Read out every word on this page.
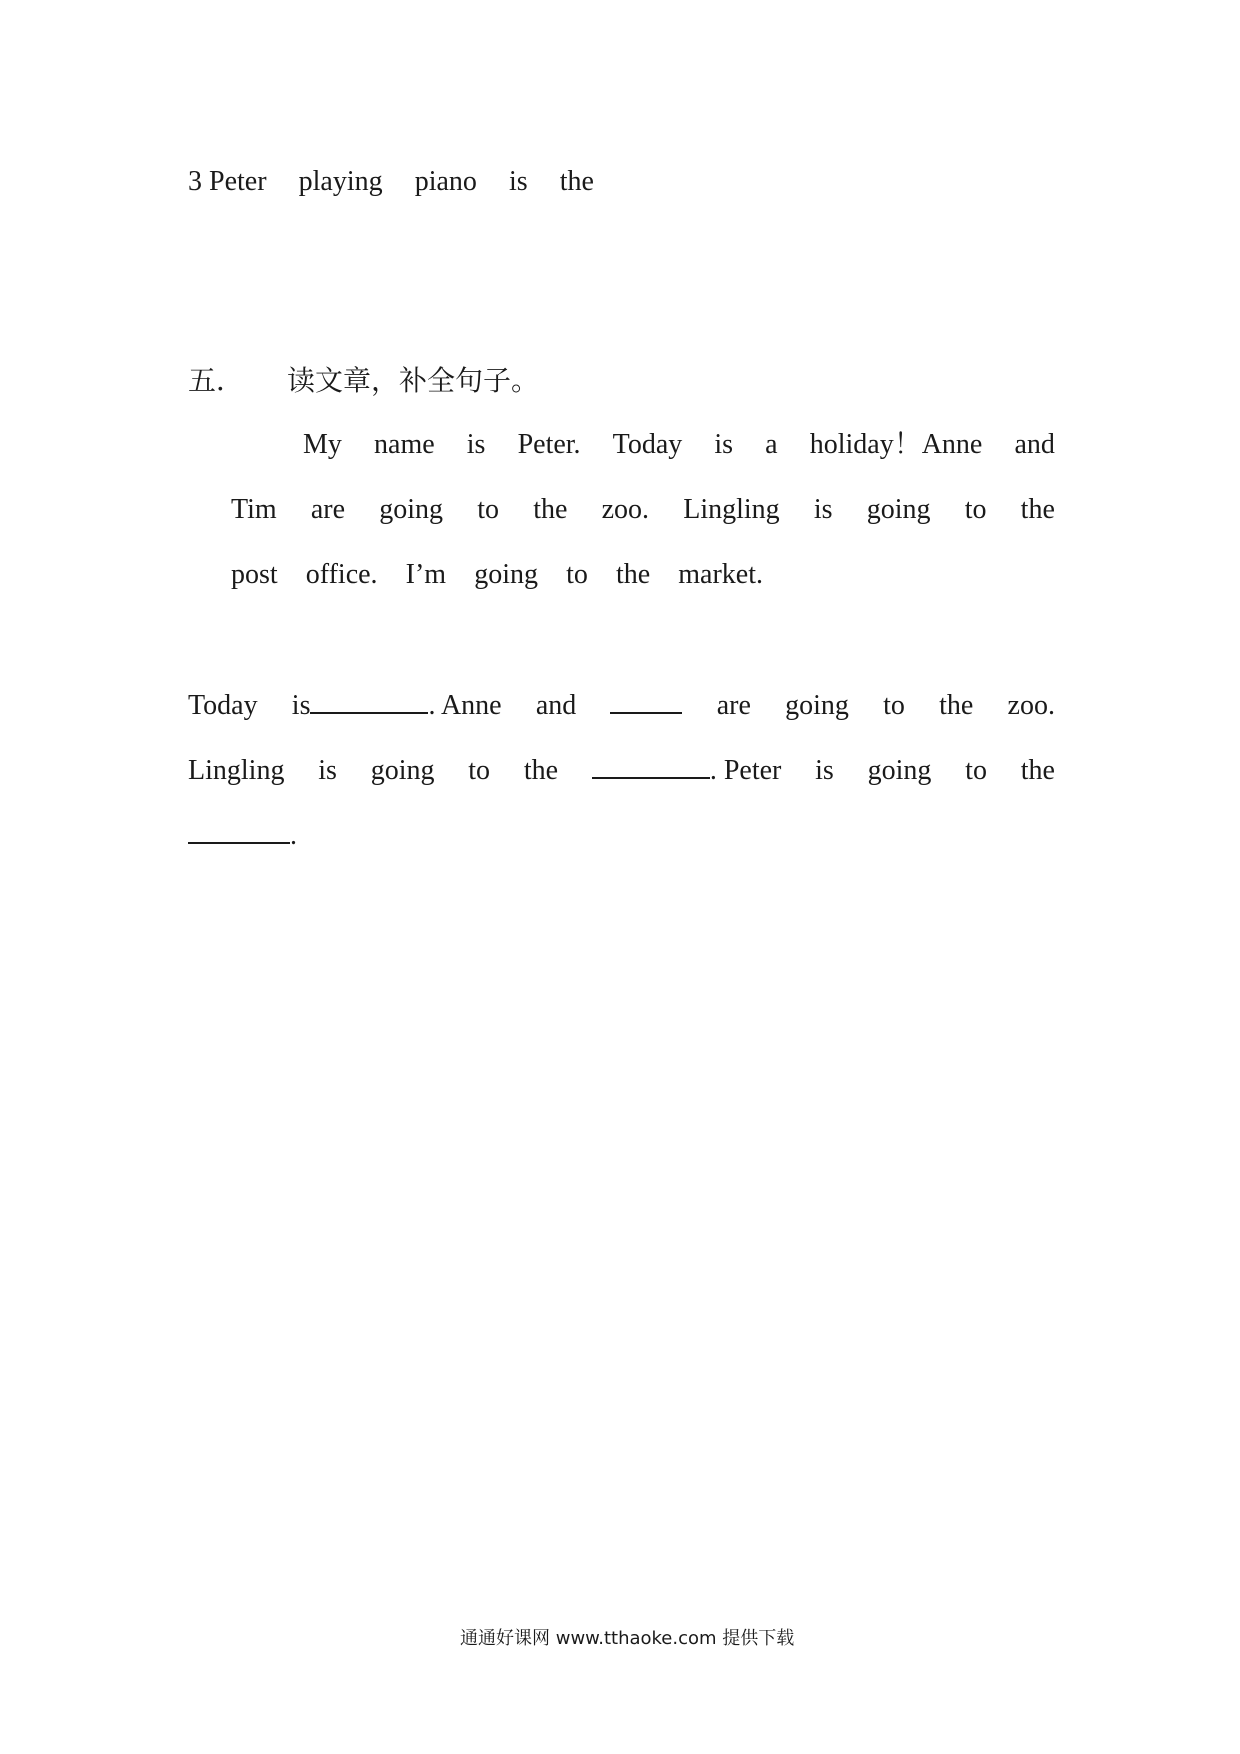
3 Peter playing piano is the
五． 读文章，补全句子。
My name is Peter. Today is a holiday！Anne and
Tim are going to the zoo. Lingling is going to the
post office. I’m going to the market.
Today is	. Anne and	are going to the zoo.
Lingling is going to the	. Peter is going to the
.
通通好课网 www.tthaoke.com 提供下载
